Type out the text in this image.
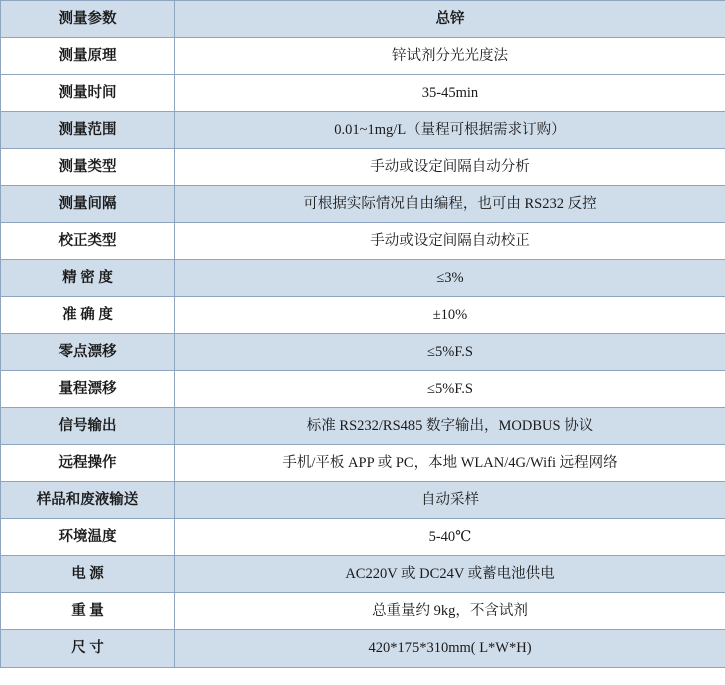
测量参数	总锌
测量原理	锌试剂分光光度法
测量时间	35-45min
测量范围	0.01~1mg/L（量程可根据需求订购）
测量类型	手动或设定间隔自动分析
测量间隔	可根据实际情况自由编程，也可由 RS232 反控
校正类型	手动或设定间隔自动校正
精 密 度	≤3%
准 确 度	±10%
零点漂移	≤5%F.S
量程漂移	≤5%F.S
信号输出	标准 RS232/RS485 数字输出，MODBUS 协议
远程操作	手机/平板 APP 或 PC，本地 WLAN/4G/Wifi 远程网络
样品和废液输送	自动采样
环境温度	5-40℃
电 源	AC220V 或 DC24V 或蓄电池供电
重 量	总重量约 9kg，不含试剂
尺 寸	420*175*310mm( L*W*H)
